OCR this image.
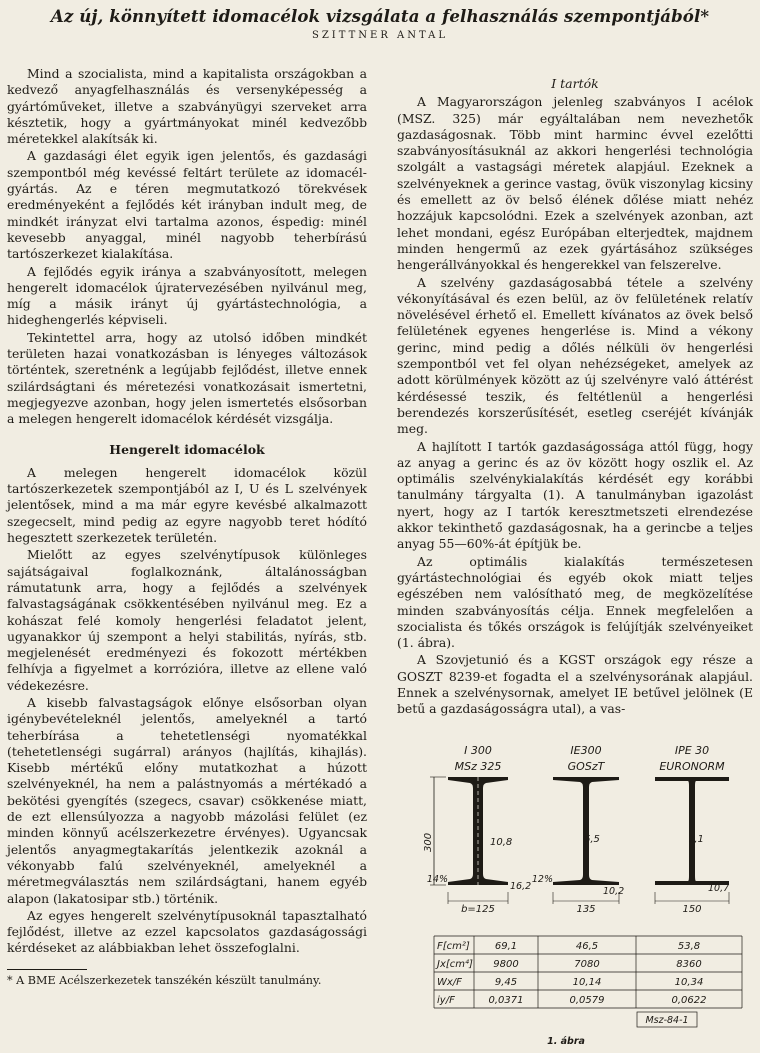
Az új, könnyített idomacélok vizsgálata a felhasználás szempontjából*
SZITTNER ANTAL

Mind a szocialista, mind a kapitalista országokban a kedvező anyagfelhasználás és versenyképesség a gyártóműveket, illetve a szabványügyi szerveket arra késztetik, hogy a gyártmányokat minél kedvezőbb méretekkel alakítsák ki.

A gazdasági élet egyik igen jelentős, és gazdasági szempontból még kevéssé feltárt területe az idomacél-gyártás. Az e téren megmutatkozó törekvések eredményeként a fejlődés két irányban indult meg, de mindkét irányzat elvi tartalma azonos, éspedig: minél kevesebb anyaggal, minél nagyobb teherbírású tartószerkezet kialakítása.

A fejlődés egyik iránya a szabványosított, melegen hengerelt idomacélok újratervezésében nyilvánul meg, míg a másik irányt új gyártástechnológia, a hideghengerlés képviseli.

Tekintettel arra, hogy az utolsó időben mindkét területen hazai vonatkozásban is lényeges változások történtek, szeretnénk a legújabb fejlődést, illetve ennek szilárdságtani és méretezési vonatkozásait ismertetni, megjegyezve azonban, hogy jelen ismertetés elsősorban a melegen hengerelt idomacélok kérdését vizsgálja.

Hengerelt idomacélok

A melegen hengerelt idomacélok közül tartószerkezetek szempontjából az I, U és L szelvények jelentősek, mind a ma már egyre kevésbé alkalmazott szegecselt, mind pedig az egyre nagyobb teret hódító hegesztett szerkezetek területén.

Mielőtt az egyes szelvénytípusok különleges sajátságaival foglalkoznánk, általánosságban rámutatunk arra, hogy a fejlődés a szelvények falvastagságának csökkentésében nyilvánul meg. Ez a kohászat felé komoly hengerlési feladatot jelent, ugyanakkor új szempont a helyi stabilitás, nyírás, stb. megjelenését eredményezi és fokozott mértékben felhívja a figyelmet a korrózióra, illetve az ellene való védekezésre.

A kisebb falvastagságok előnye elsősorban olyan igénybevételeknél jelentős, amelyeknél a tartó teherbírása a tehetetlenségi nyomatékkal (tehetetlenségi sugárral) arányos (hajlítás, kihajlás). Kisebb mértékű előny mutatkozhat a húzott szelvényeknél, ha nem a palástnyomás a mértékadó a bekötési gyengítés (szegecs, csavar) csökkenése miatt, de ezt ellensúlyozza a nagyobb mázolási felület (ez minden könnyű acélszerkezetre érvényes). Ugyancsak jelentős anyagmegtakarítás jelentkezik azoknál a vékonyabb falú szelvényeknél, amelyeknél a méretmegválasztás nem szilárdságtani, hanem egyéb alapon (lakatosipar stb.) történik.

Az egyes hengerelt szelvénytípusoknál tapasztalható fejlődést, illetve az ezzel kapcsolatos gazdaságossági kérdéseket az alábbiakban lehet összefoglalni.

* A BME Acélszerkezetek tanszékén készült tanulmány.

I tartók

A Magyarországon jelenleg szabványos I acélok (MSZ. 325) már egyáltalában nem nevezhetők gazdaságosnak. Több mint harminc évvel ezelőtti szabványosításuknál az akkori hengerlési technológia szolgált a vastagsági méretek alapjául. Ezeknek a szelvényeknek a gerince vastag, övük viszonylag kicsiny és emellett az öv belső élének dőlése miatt nehéz hozzájuk kapcsolódni. Ezek a szelvények azonban, azt lehet mondani, egész Európában elterjedtek, majdnem minden hengermű az ezek gyártásához szükséges hengerállványokkal és hengerekkel van felszerelve.

A szelvény gazdaságosabbá tétele a szelvény vékonyításával és ezen belül, az öv felületének relatív növelésével érhető el. Emellett kívánatos az övek belső felületének egyenes hengerlése is. Mind a vékony gerinc, mind pedig a dőlés nélküli öv hengerlési szempontból vet fel olyan nehézségeket, amelyek az adott körülmények között az új szelvényre való áttérést kérdésessé teszik, és feltétlenül a hengerlési berendezés korszerűsítését, esetleg cseréjét kívánják meg.

A hajlított I tartók gazdaságossága attól függ, hogy az anyag a gerinc és az öv között hogy oszlik el. Az optimális szelvénykialakítás kérdését egy korábbi tanulmány tárgyalta (1). A tanulmányban igazolást nyert, hogy az I tartók keresztmetszeti elrendezése akkor tekinthető gazdaságosnak, ha a gerincbe a teljes anyag 55—60%-át építjük be.

Az optimális kialakítás természetesen gyártástechnológiai és egyéb okok miatt teljes egészében nem valósítható meg, de megközelítése minden szabványosítás célja. Ennek megfelelően a szocialista és tőkés országok is felújítják szelvényeiket (1. ábra).

A Szovjetunió és a KGST országok egy része a GOSZT 8239-et fogadta el a szelvénysorának alapjául. Ennek a szelvénysornak, amelyet IE betűvel jelölnek (E betű a gazdaságosságra utal), a vas-

I 300
MSz 325
IE300
GOSzT
IPE 30
EURONORM
300	10,8
14%
16,2
b=125
6,5
12%
10,2
135
7,1
10,7
150
F[cm²]	69,1	46,5	53,8
Jx[cm⁴] 9800	7080	8360
Wx/F	9,45	10,14	10,34
iy/F	0,0371	0,0579	0,0622
Msz-84-1
1. ábra
